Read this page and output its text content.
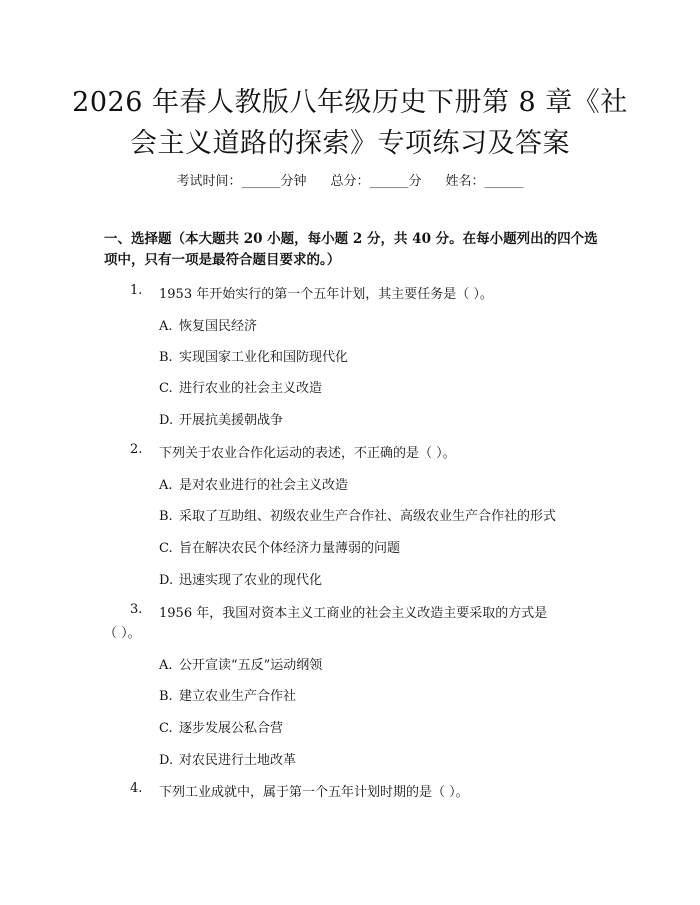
2026 年春人教版八年级历史下册第 8 章《社
会主义道路的探索》专项练习及答案
考试时间：______分钟 总分：______分 姓名：______
一、选择题（本大题共 20 小题，每小题 2 分，共 40 分。在每小题列出的四个选项中，只有一项是最符合题目要求的。）
1. 1953 年开始实行的第一个五年计划，其主要任务是（ ）。
A. 恢复国民经济
B. 实现国家工业化和国防现代化
C. 进行农业的社会主义改造
D. 开展抗美援朝战争
2. 下列关于农业合作化运动的表述，不正确的是（ ）。
A. 是对农业进行的社会主义改造
B. 采取了互助组、初级农业生产合作社、高级农业生产合作社的形式
C. 旨在解决农民个体经济力量薄弱的问题
D. 迅速实现了农业的现代化
3. 1956 年，我国对资本主义工商业的社会主义改造主要采取的方式是
（ ）。
A. 公开宣读“五反”运动纲领
B. 建立农业生产合作社
C. 逐步发展公私合营
D. 对农民进行土地改革
4. 下列工业成就中，属于第一个五年计划时期的是（ ）。
